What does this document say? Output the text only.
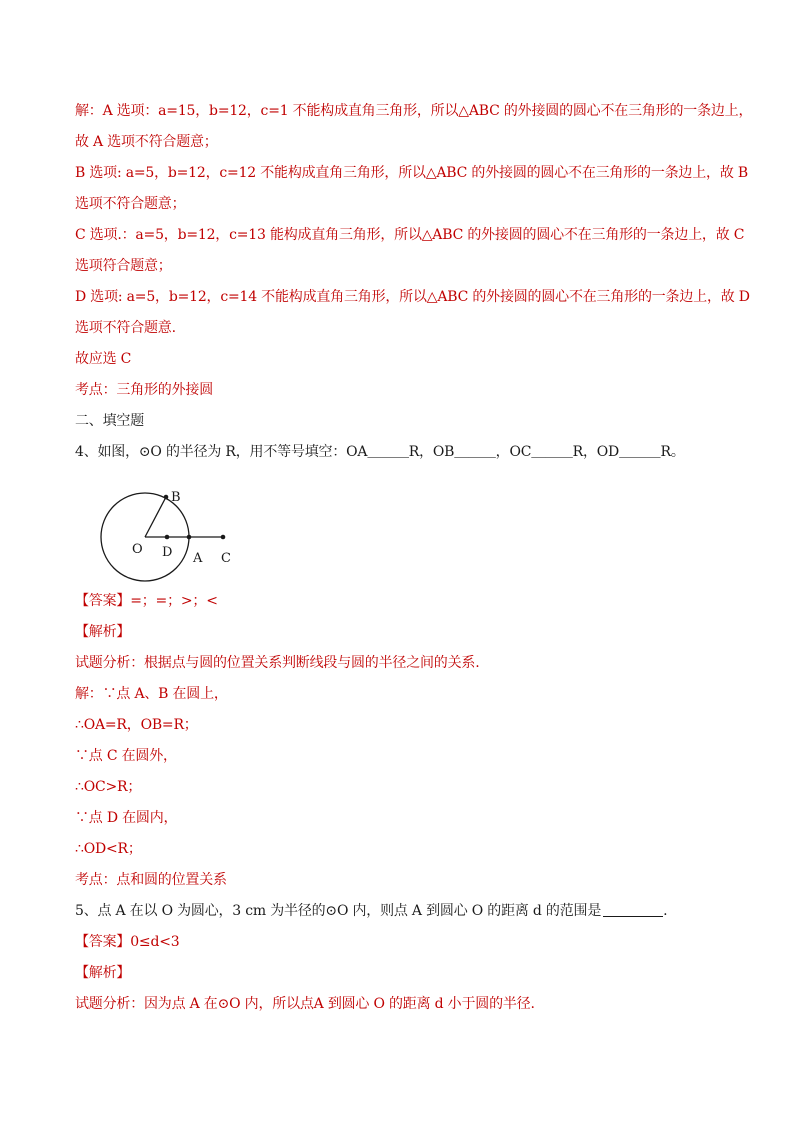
解：A 选项：a=15，b=12，c=1 不能构成直角三角形，所以△ABC 的外接圆的圆心不在三角形的一条边上，
故 A 选项不符合题意；
B 选项: a=5，b=12，c=12 不能构成直角三角形，所以△ABC 的外接圆的圆心不在三角形的一条边上，故 B
选项不符合题意；
C 选项.：a=5，b=12，c=13 能构成直角三角形，所以△ABC 的外接圆的圆心不在三角形的一条边上，故 C
选项符合题意；
D 选项: a=5，b=12，c=14 不能构成直角三角形，所以△ABC 的外接圆的圆心不在三角形的一条边上，故 D
选项不符合题意.
故应选 C
考点：三角形的外接圆
二、填空题
4、如图，⊙O 的半径为 R，用不等号填空：OA＿＿＿R，OB＿＿＿，OC＿＿＿R，OD＿＿＿R。
B
O D A C
【答案】=；=；>；<
【解析】
试题分析：根据点与圆的位置关系判断线段与圆的半径之间的关系.
解：∵点 A、B 在圆上，
∴OA=R，OB=R；
∵点 C 在圆外，
∴OC>R；
∵点 D 在圆内，
∴OD<R；
考点：点和圆的位置关系
5、点 A 在以 O 为圆心，3 cm 为半径的⊙O 内，则点 A 到圆心 O 的距离 d 的范围是	.
【答案】0≤d<3
【解析】
试题分析：因为点 A 在⊙O 内，所以点A 到圆心 O 的距离 d 小于圆的半径.
